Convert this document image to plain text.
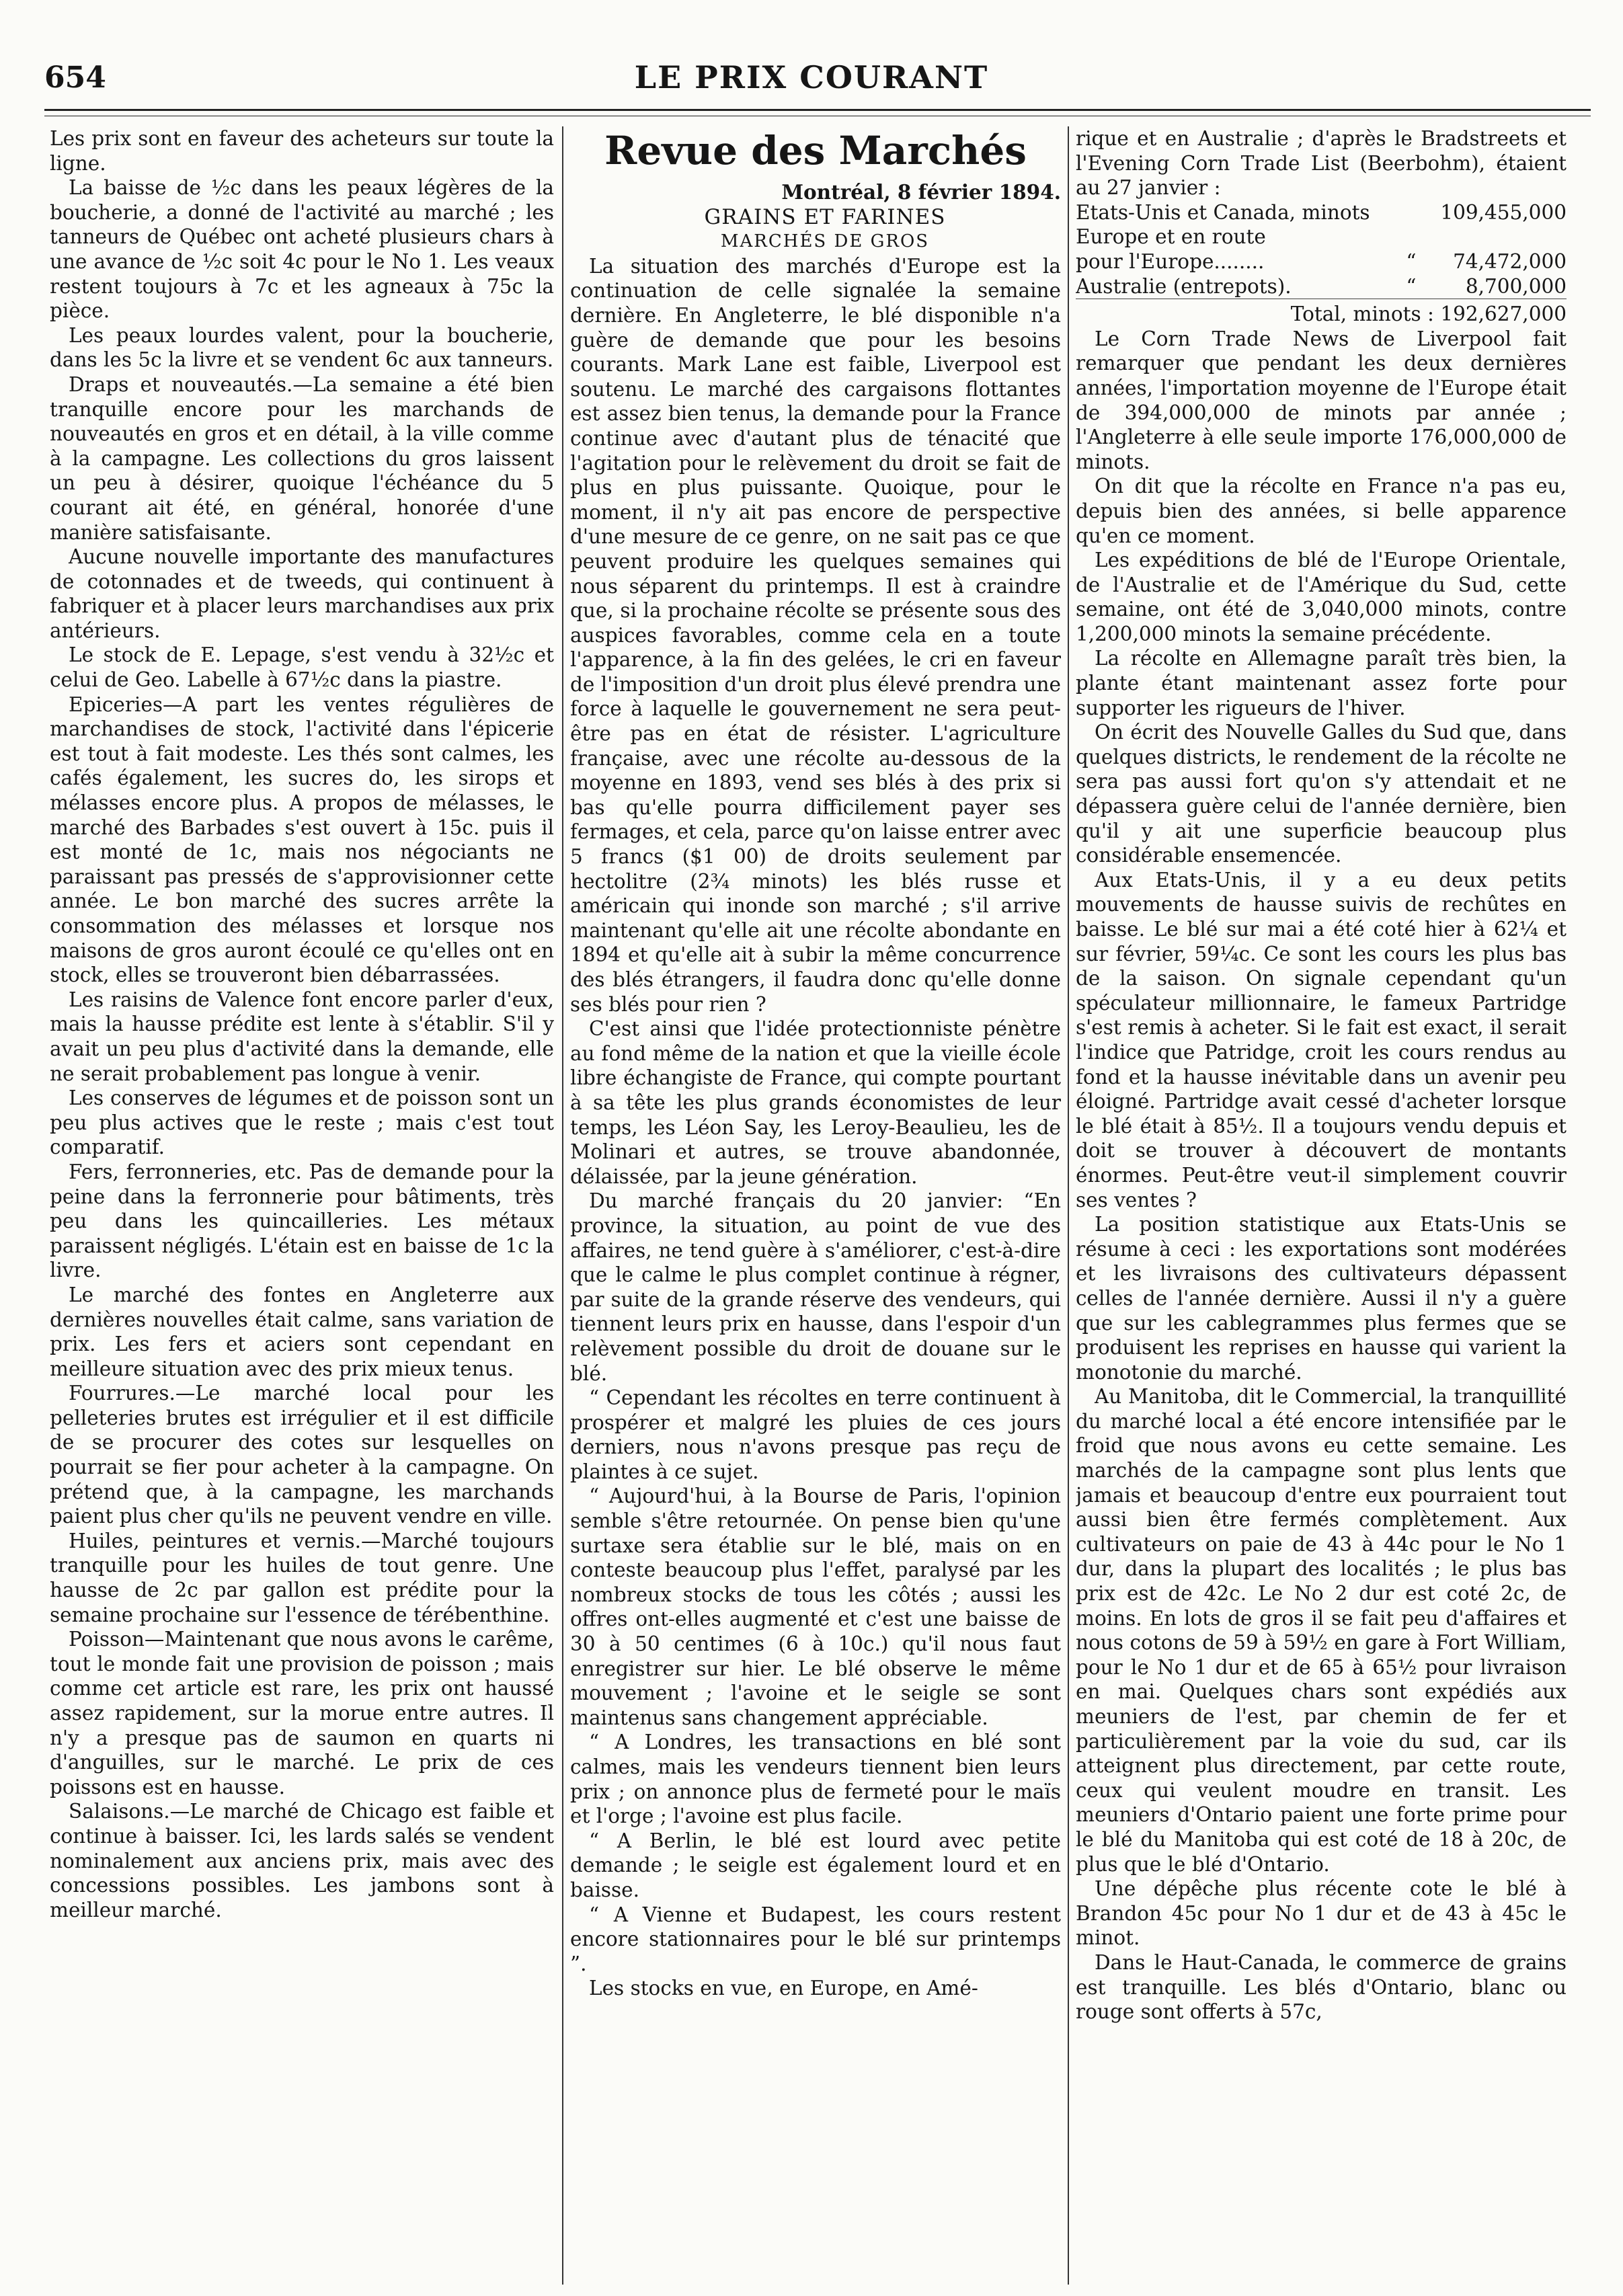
654	LE PRIX COURANT

Les prix sont en faveur des acheteurs sur toute la ligne.

La baisse de ½c dans les peaux légères de la boucherie, a donné de l'activité au marché ; les tanneurs de Québec ont acheté plusieurs chars à une avance de ½c soit 4c pour le No 1. Les veaux restent toujours à 7c et les agneaux à 75c la pièce.

Les peaux lourdes valent, pour la boucherie, dans les 5c la livre et se vendent 6c aux tanneurs.

Draps et nouveautés.—La semaine a été bien tranquille encore pour les marchands de nouveautés en gros et en détail, à la ville comme à la campagne. Les collections du gros laissent un peu à désirer, quoique l'échéance du 5 courant ait été, en général, honorée d'une manière satisfaisante.

Aucune nouvelle importante des manufactures de cotonnades et de tweeds, qui continuent à fabriquer et à placer leurs marchandises aux prix antérieurs.

Le stock de E. Lepage, s'est vendu à 32½c et celui de Geo. Labelle à 67½c dans la piastre.

Epiceries—A part les ventes régulières de marchandises de stock, l'activité dans l'épicerie est tout à fait modeste. Les thés sont calmes, les cafés également, les sucres do, les sirops et mélasses encore plus. A propos de mélasses, le marché des Barbades s'est ouvert à 15c. puis il est monté de 1c, mais nos négociants ne paraissant pas pressés de s'approvisionner cette année. Le bon marché des sucres arrête la consommation des mélasses et lorsque nos maisons de gros auront écoulé ce qu'elles ont en stock, elles se trouveront bien débarrassées.

Les raisins de Valence font encore parler d'eux, mais la hausse prédite est lente à s'établir. S'il y avait un peu plus d'activité dans la demande, elle ne serait probablement pas longue à venir.

Les conserves de légumes et de poisson sont un peu plus actives que le reste ; mais c'est tout comparatif.

Fers, ferronneries, etc. Pas de demande pour la peine dans la ferronnerie pour bâtiments, très peu dans les quincailleries. Les métaux paraissent négligés. L'étain est en baisse de 1c la livre.

Le marché des fontes en Angleterre aux dernières nouvelles était calme, sans variation de prix. Les fers et aciers sont cependant en meilleure situation avec des prix mieux tenus.

Fourrures.—Le marché local pour les pelleteries brutes est irrégulier et il est difficile de se procurer des cotes sur lesquelles on pourrait se fier pour acheter à la campagne. On prétend que, à la campagne, les marchands paient plus cher qu'ils ne peuvent vendre en ville.

Huiles, peintures et vernis.—Marché toujours tranquille pour les huiles de tout genre. Une hausse de 2c par gallon est prédite pour la semaine prochaine sur l'essence de térébenthine.

Poisson—Maintenant que nous avons le carême, tout le monde fait une provision de poisson ; mais comme cet article est rare, les prix ont haussé assez rapidement, sur la morue entre autres. Il n'y a presque pas de saumon en quarts ni d'anguilles, sur le marché. Le prix de ces poissons est en hausse.

Salaisons.—Le marché de Chicago est faible et continue à baisser. Ici, les lards salés se vendent nominalement aux anciens prix, mais avec des concessions possibles. Les jambons sont à meilleur marché.

Revue des Marchés

Montréal, 8 février 1894.

GRAINS ET FARINES

MARCHÉS DE GROS

La situation des marchés d'Europe est la continuation de celle signalée la semaine dernière. En Angleterre, le blé disponible n'a guère de demande que pour les besoins courants. Mark Lane est faible, Liverpool est soutenu. Le marché des cargaisons flottantes est assez bien tenus, la demande pour la France continue avec d'autant plus de ténacité que l'agitation pour le relèvement du droit se fait de plus en plus puissante. Quoique, pour le moment, il n'y ait pas encore de perspective d'une mesure de ce genre, on ne sait pas ce que peuvent produire les quelques semaines qui nous séparent du printemps. Il est à craindre que, si la prochaine récolte se présente sous des auspices favorables, comme cela en a toute l'apparence, à la fin des gelées, le cri en faveur de l'imposition d'un droit plus élevé prendra une force à laquelle le gouvernement ne sera peut-être pas en état de résister. L'agriculture française, avec une récolte au-dessous de la moyenne en 1893, vend ses blés à des prix si bas qu'elle pourra difficilement payer ses fermages, et cela, parce qu'on laisse entrer avec 5 francs ($1 00) de droits seulement par hectolitre (2¾ minots) les blés russe et américain qui inonde son marché ; s'il arrive maintenant qu'elle ait une récolte abondante en 1894 et qu'elle ait à subir la même concurrence des blés étrangers, il faudra donc qu'elle donne ses blés pour rien ?

C'est ainsi que l'idée protectionniste pénètre au fond même de la nation et que la vieille école libre échangiste de France, qui compte pourtant à sa tête les plus grands économistes de leur temps, les Léon Say, les Leroy-Beaulieu, les de Molinari et autres, se trouve abandonnée, délaissée, par la jeune génération.

Du marché français du 20 janvier: “En province, la situation, au point de vue des affaires, ne tend guère à s'améliorer, c'est-à-dire que le calme le plus complet continue à régner, par suite de la grande réserve des vendeurs, qui tiennent leurs prix en hausse, dans l'espoir d'un relèvement possible du droit de douane sur le blé.

“ Cependant les récoltes en terre continuent à prospérer et malgré les pluies de ces jours derniers, nous n'avons presque pas reçu de plaintes à ce sujet.

“ Aujourd'hui, à la Bourse de Paris, l'opinion semble s'être retournée. On pense bien qu'une surtaxe sera établie sur le blé, mais on en conteste beaucoup plus l'effet, paralysé par les nombreux stocks de tous les côtés ; aussi les offres ont-elles augmenté et c'est une baisse de 30 à 50 centimes (6 à 10c.) qu'il nous faut enregistrer sur hier. Le blé observe le même mouvement ; l'avoine et le seigle se sont maintenus sans changement appréciable.

“ A Londres, les transactions en blé sont calmes, mais les vendeurs tiennent bien leurs prix ; on annonce plus de fermeté pour le maïs et l'orge ; l'avoine est plus facile.

“ A Berlin, le blé est lourd avec petite demande ; le seigle est également lourd et en baisse.

“ A Vienne et Budapest, les cours restent encore stationnaires pour le blé sur printemps ”.

Les stocks en vue, en Europe, en Amé-

rique et en Australie ; d'après le Bradstreets et l'Evening Corn Trade List (Beerbohm), étaient au 27 janvier :

Etats-Unis et Canada, minots		109,455,000
Europe et en route		
pour l'Europe........	“	74,472,000
Australie (entrepots).	“	8,700,000

Total, minots : 192,627,000

Le Corn Trade News de Liverpool fait remarquer que pendant les deux dernières années, l'importation moyenne de l'Europe était de 394,000,000 de minots par année ; l'Angleterre à elle seule importe 176,000,000 de minots.

On dit que la récolte en France n'a pas eu, depuis bien des années, si belle apparence qu'en ce moment.

Les expéditions de blé de l'Europe Orientale, de l'Australie et de l'Amérique du Sud, cette semaine, ont été de 3,040,000 minots, contre 1,200,000 minots la semaine précédente.

La récolte en Allemagne paraît très bien, la plante étant maintenant assez forte pour supporter les rigueurs de l'hiver.

On écrit des Nouvelle Galles du Sud que, dans quelques districts, le rendement de la récolte ne sera pas aussi fort qu'on s'y attendait et ne dépassera guère celui de l'année dernière, bien qu'il y ait une superficie beaucoup plus considérable ensemencée.

Aux Etats-Unis, il y a eu deux petits mouvements de hausse suivis de rechûtes en baisse. Le blé sur mai a été coté hier à 62¼ et sur février, 59¼c. Ce sont les cours les plus bas de la saison. On signale cependant qu'un spéculateur millionnaire, le fameux Partridge s'est remis à acheter. Si le fait est exact, il serait l'indice que Patridge, croit les cours rendus au fond et la hausse inévitable dans un avenir peu éloigné. Partridge avait cessé d'acheter lorsque le blé était à 85½. Il a toujours vendu depuis et doit se trouver à découvert de montants énormes. Peut-être veut-il simplement couvrir ses ventes ?

La position statistique aux Etats-Unis se résume à ceci : les exportations sont modérées et les livraisons des cultivateurs dépassent celles de l'année dernière. Aussi il n'y a guère que sur les cablegrammes plus fermes que se produisent les reprises en hausse qui varient la monotonie du marché.

Au Manitoba, dit le Commercial, la tranquillité du marché local a été encore intensifiée par le froid que nous avons eu cette semaine. Les marchés de la campagne sont plus lents que jamais et beaucoup d'entre eux pourraient tout aussi bien être fermés complètement. Aux cultivateurs on paie de 43 à 44c pour le No 1 dur, dans la plupart des localités ; le plus bas prix est de 42c. Le No 2 dur est coté 2c, de moins. En lots de gros il se fait peu d'affaires et nous cotons de 59 à 59½ en gare à Fort William, pour le No 1 dur et de 65 à 65½ pour livraison en mai. Quelques chars sont expédiés aux meuniers de l'est, par chemin de fer et particulièrement par la voie du sud, car ils atteignent plus directement, par cette route, ceux qui veulent moudre en transit. Les meuniers d'Ontario paient une forte prime pour le blé du Manitoba qui est coté de 18 à 20c, de plus que le blé d'Ontario.

Une dépêche plus récente cote le blé à Brandon 45c pour No 1 dur et de 43 à 45c le minot.

Dans le Haut-Canada, le commerce de grains est tranquille. Les blés d'Ontario, blanc ou rouge sont offerts à 57c,
